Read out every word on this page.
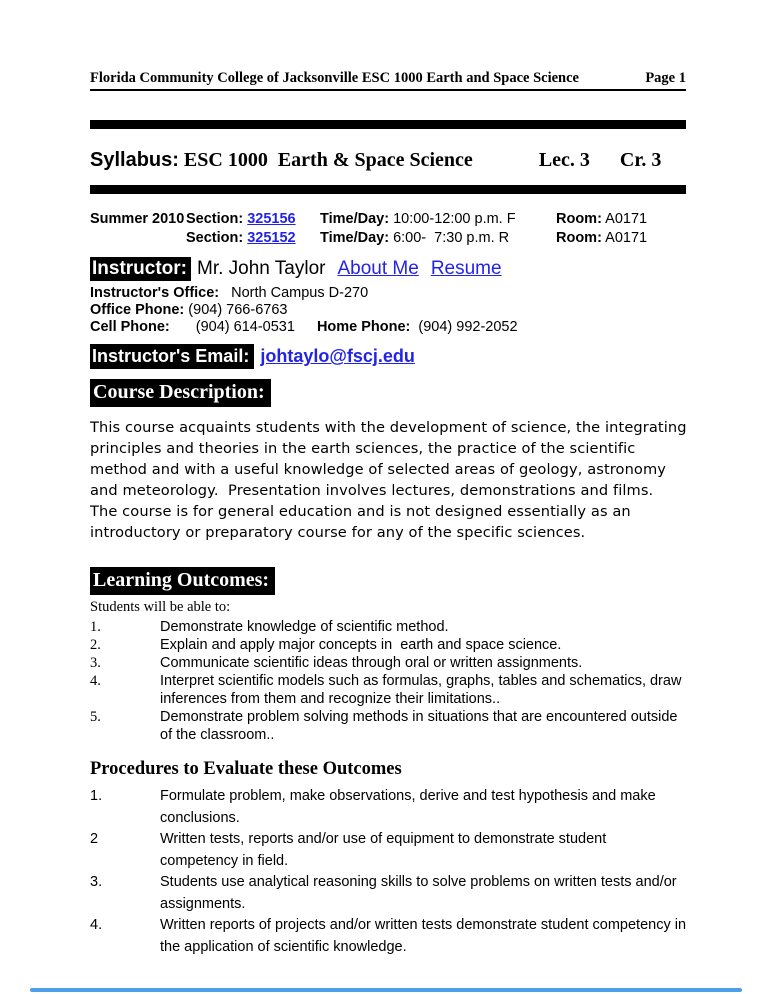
Florida Community College of Jacksonville ESC 1000 Earth and Space Science	Page 1
Syllabus: ESC 1000  Earth & Space Science	Lec. 3 Cr. 3
Summer 2010 Section: 325156	Time/Day: 10:00-12:00 p.m. F	Room: A0171
Section: 325152	Time/Day: 6:00-  7:30 p.m. R	Room: A0171
Instructor: Mr. John Taylor About Me Resume
Instructor's Office: North Campus D-270
Office Phone: (904) 766-6763
Cell Phone: (904) 614-0531 Home Phone: (904) 992-2052
Instructor's Email: johtaylo@fscj.edu
Course Description:
This course acquaints students with the development of science, the integrating principles and theories in the earth sciences, the practice of the scientific method and with a useful knowledge of selected areas of geology, astronomy and meteorology.  Presentation involves lectures, demonstrations and films.  The course is for general education and is not designed essentially as an introductory or preparatory course for any of the specific sciences.
Learning Outcomes:
Students will be able to:
1.	Demonstrate knowledge of scientific method.
2.	Explain and apply major concepts in  earth and space science.
3.	Communicate scientific ideas through oral or written assignments.
4.	Interpret scientific models such as formulas, graphs, tables and schematics, draw inferences from them and recognize their limitations..
5.	Demonstrate problem solving methods in situations that are encountered outside of the classroom..
Procedures to Evaluate these Outcomes
1.	Formulate problem, make observations, derive and test hypothesis and make conclusions.
2	Written tests, reports and/or use of equipment to demonstrate student competency in field.
3.	Students use analytical reasoning skills to solve problems on written tests and/or assignments.
4.	Written reports of projects and/or written tests demonstrate student competency in the application of scientific knowledge.
